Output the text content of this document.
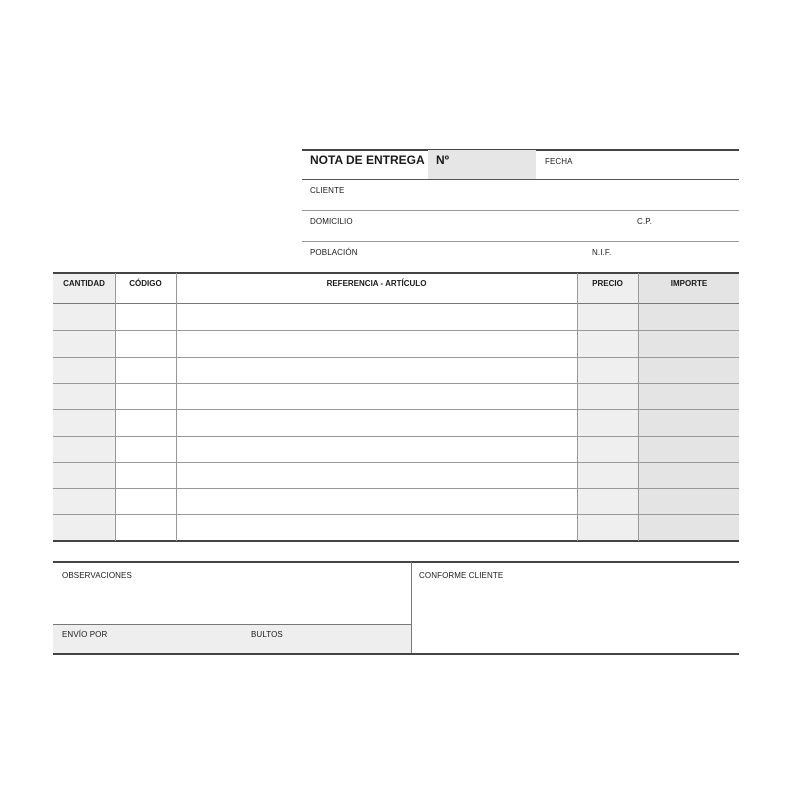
NOTA DE ENTREGA Nº	FECHA
CLIENTE
DOMICILIO	C.P.
POBLACIÓN	N.I.F.
CANTIDAD	CÓDIGO	REFERENCIA - ARTÍCULO	PRECIO	IMPORTE
OBSERVACIONES	CONFORME CLIENTE
ENVÍO POR	BULTOS
